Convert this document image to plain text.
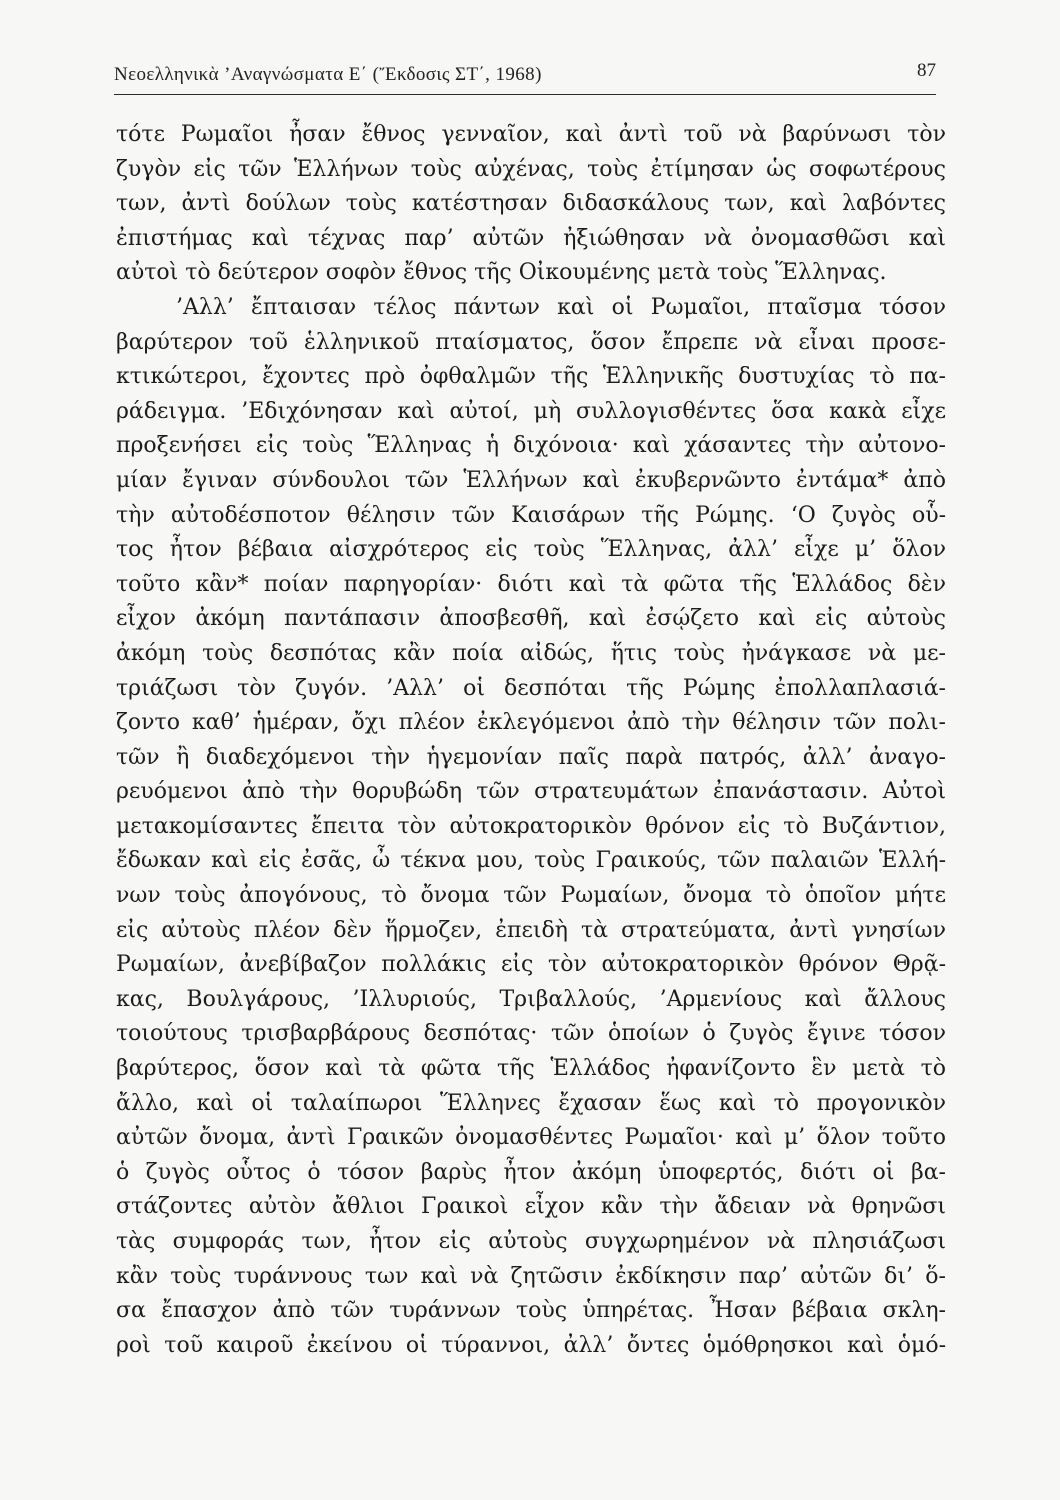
Νεοελληνικὰ ’Αναγνώσματα Ε΄ (Ἔκδοσις ΣΤ΄, 1968)	87
τότε Ρωμαῖοι ἦσαν ἔθνος γενναῖον, καὶ ἀντὶ τοῦ νὰ βαρύνωσι τὸν
ζυγὸν εἰς τῶν Ἑλλήνων τοὺς αὐχένας, τοὺς ἐτίμησαν ὡς σοφωτέρους
των, ἀντὶ δούλων τοὺς κατέστησαν διδασκάλους των, καὶ λαβόντες
ἐπιστήμας καὶ τέχνας παρ’ αὐτῶν ἠξιώθησαν νὰ ὀνομασθῶσι καὶ
αὐτοὶ τὸ δεύτερον σοφὸν ἔθνος τῆς Οἰκουμένης μετὰ τοὺς Ἕλληνας.
’Αλλ’ ἔπταισαν τέλος πάντων καὶ οἱ Ρωμαῖοι, πταῖσμα τόσον
βαρύτερον τοῦ ἑλληνικοῦ πταίσματος, ὅσον ἔπρεπε νὰ εἶναι προσε-
κτικώτεροι, ἔχοντες πρὸ ὀφθαλμῶν τῆς Ἑλληνικῆς δυστυχίας τὸ πα-
ράδειγμα. ’Εδιχόνησαν καὶ αὐτοί, μὴ συλλογισθέντες ὅσα κακὰ εἶχε
προξενήσει εἰς τοὺς Ἕλληνας ἡ διχόνοια· καὶ χάσαντες τὴν αὐτονο-
μίαν ἔγιναν σύνδουλοι τῶν Ἑλλήνων καὶ ἐκυβερνῶντο ἐντάμα* ἀπὸ
τὴν αὐτοδέσποτον θέλησιν τῶν Καισάρων τῆς Ρώμης. ‘Ο ζυγὸς οὗ-
τος ἦτον βέβαια αἰσχρότερος εἰς τοὺς Ἕλληνας, ἀλλ’ εἶχε μ’ ὅλον
τοῦτο κἂν* ποίαν παρηγορίαν· διότι καὶ τὰ φῶτα τῆς Ἑλλάδος δὲν
εἶχον ἀκόμη παντάπασιν ἀποσβεσθῆ, καὶ ἐσῴζετο καὶ εἰς αὐτοὺς
ἀκόμη τοὺς δεσπότας κἂν ποία αἰδώς, ἥτις τοὺς ἠνάγκασε νὰ με-
τριάζωσι τὸν ζυγόν. ’Αλλ’ οἱ δεσπόται τῆς Ρώμης ἐπολλαπλασιά-
ζοντο καθ’ ἡμέραν, ὄχι πλέον ἐκλεγόμενοι ἀπὸ τὴν θέλησιν τῶν πολι-
τῶν ἢ διαδεχόμενοι τὴν ἡγεμονίαν παῖς παρὰ πατρός, ἀλλ’ ἀναγο-
ρευόμενοι ἀπὸ τὴν θορυβώδη τῶν στρατευμάτων ἐπανάστασιν. Αὐτοὶ
μετακομίσαντες ἔπειτα τὸν αὐτοκρατορικὸν θρόνον εἰς τὸ Βυζάντιον,
ἔδωκαν καὶ εἰς ἐσᾶς, ὦ τέκνα μου, τοὺς Γραικούς, τῶν παλαιῶν Ἑλλή-
νων τοὺς ἀπογόνους, τὸ ὄνομα τῶν Ρωμαίων, ὄνομα τὸ ὁποῖον μήτε
εἰς αὐτοὺς πλέον δὲν ἥρμοζεν, ἐπειδὴ τὰ στρατεύματα, ἀντὶ γνησίων
Ρωμαίων, ἀνεβίβαζον πολλάκις εἰς τὸν αὐτοκρατορικὸν θρόνον Θρᾷ-
κας, Βουλγάρους, ’Ιλλυριούς, Τριβαλλούς, ’Αρμενίους καὶ ἄλλους
τοιούτους τρισβαρβάρους δεσπότας· τῶν ὁποίων ὁ ζυγὸς ἔγινε τόσον
βαρύτερος, ὅσον καὶ τὰ φῶτα τῆς Ἑλλάδος ἠφανίζοντο ἓν μετὰ τὸ
ἄλλο, καὶ οἱ ταλαίπωροι Ἕλληνες ἔχασαν ἕως καὶ τὸ προγονικὸν
αὐτῶν ὄνομα, ἀντὶ Γραικῶν ὀνομασθέντες Ρωμαῖοι· καὶ μ’ ὅλον τοῦτο
ὁ ζυγὸς οὗτος ὁ τόσον βαρὺς ἦτον ἀκόμη ὑποφερτός, διότι οἱ βα-
στάζοντες αὐτὸν ἄθλιοι Γραικοὶ εἶχον κἂν τὴν ἄδειαν νὰ θρηνῶσι
τὰς συμφοράς των, ἦτον εἰς αὐτοὺς συγχωρημένον νὰ πλησιάζωσι
κἂν τοὺς τυράννους των καὶ νὰ ζητῶσιν ἐκδίκησιν παρ’ αὐτῶν δι’ ὅ-
σα ἔπασχον ἀπὸ τῶν τυράννων τοὺς ὑπηρέτας. Ἦσαν βέβαια σκλη-
ροὶ τοῦ καιροῦ ἐκείνου οἱ τύραννοι, ἀλλ’ ὄντες ὁμόθρησκοι καὶ ὁμό-
